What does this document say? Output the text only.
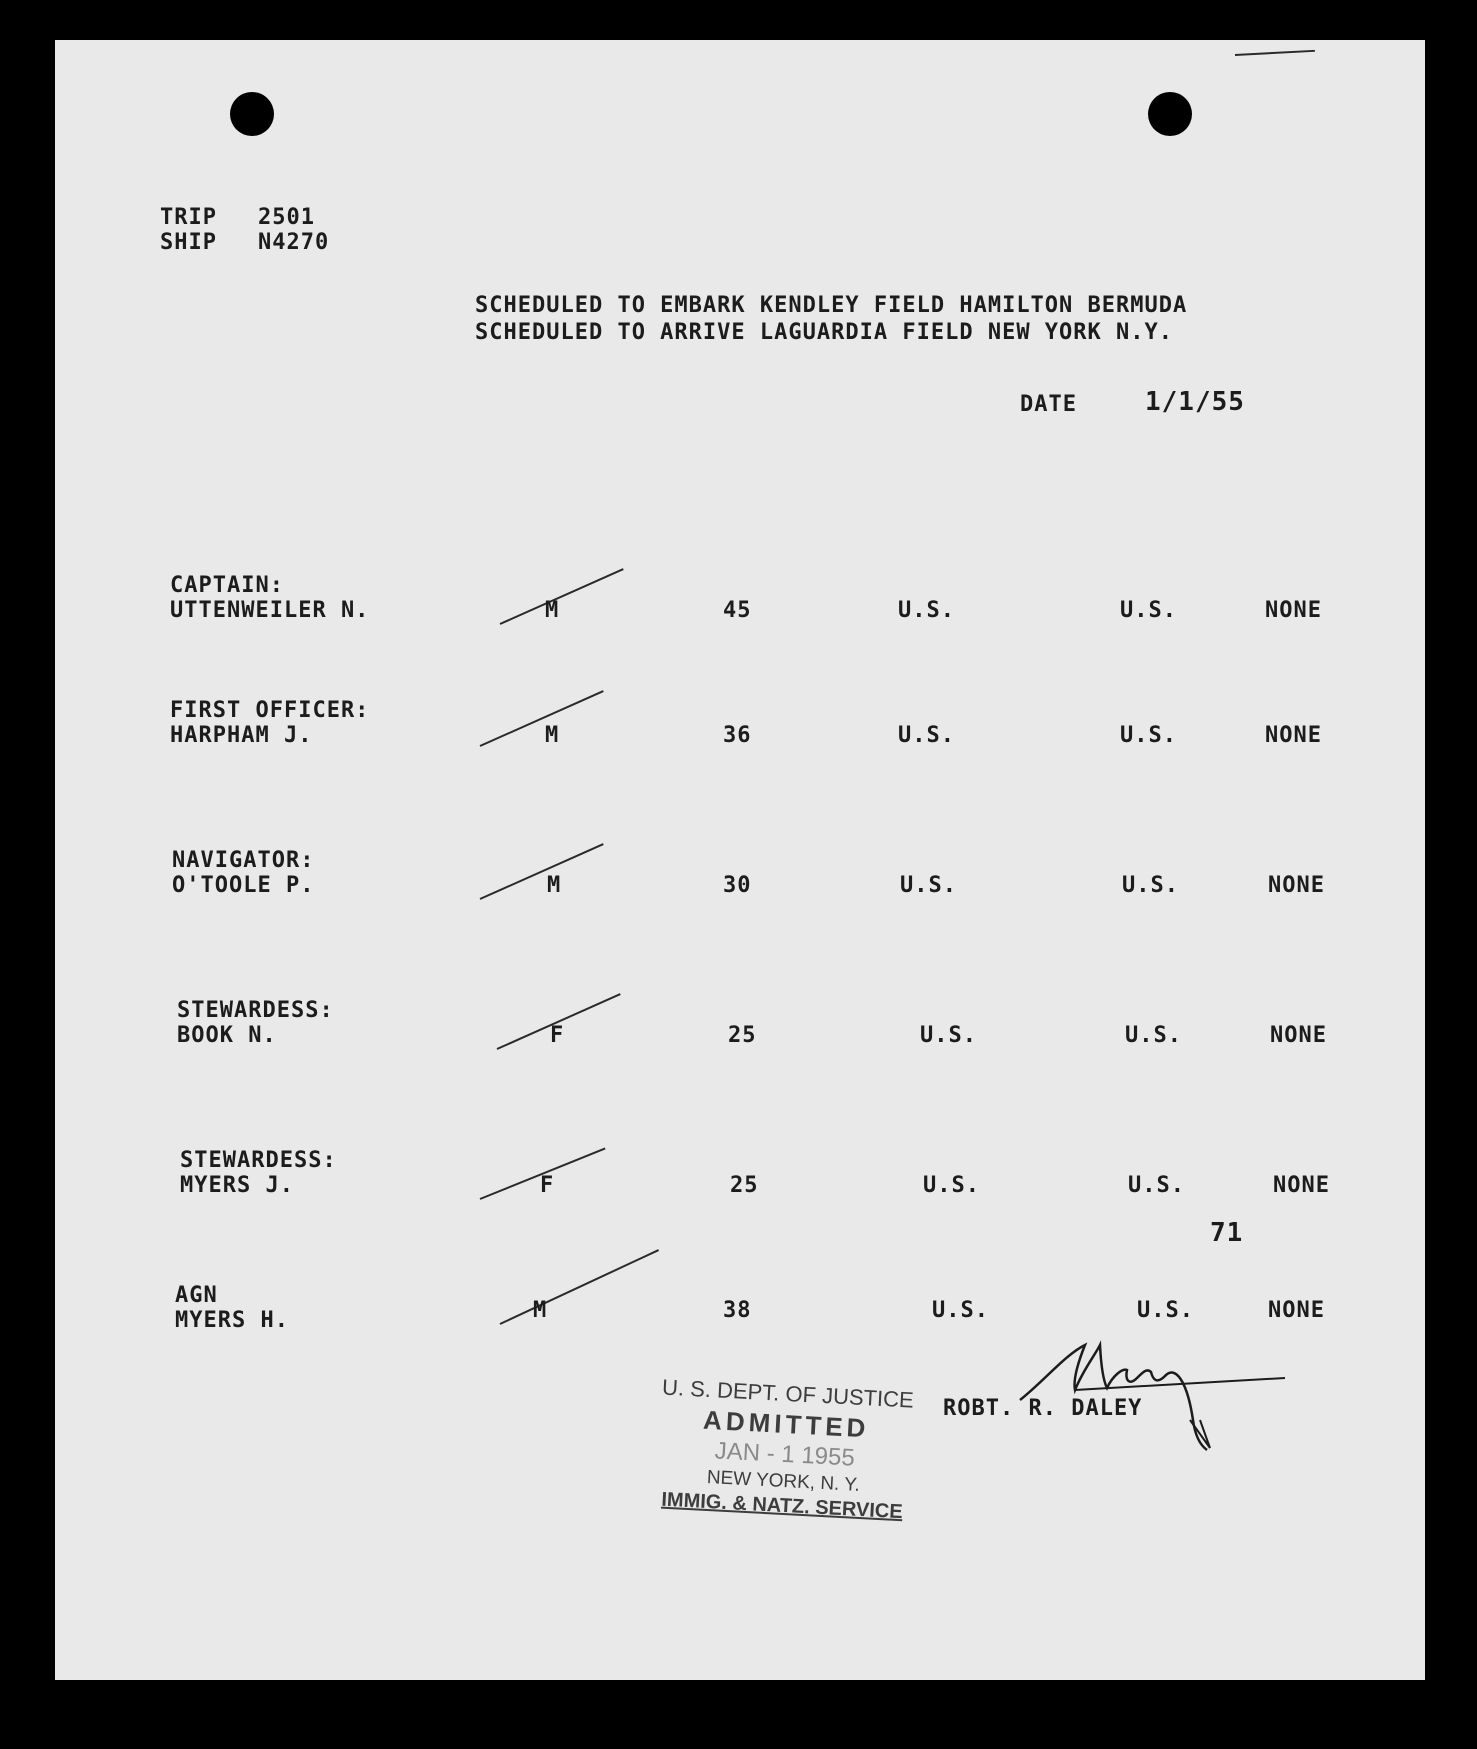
TRIP 2501
SHIP N4270
SCHEDULED TO EMBARK KENDLEY FIELD HAMILTON BERMUDA
SCHEDULED TO ARRIVE LAGUARDIA FIELD NEW YORK N.Y.
DATE	1/1/55
CAPTAIN:
UTTENWEILER N.	M	45	U.S.	U.S.	NONE
FIRST OFFICER:
HARPHAM J.	M	36	U.S.	U.S.	NONE
NAVIGATOR:
O'TOOLE P.	M	30	U.S.	U.S.	NONE
STEWARDESS:
BOOK N.	F	25	U.S.	U.S.	NONE
STEWARDESS:
MYERS J.	F	25	U.S.	U.S.	NONE
71
AGN
MYERS H.	M	38	U.S.	U.S.	NONE
ROBT. R. DALEY
U. S. DEPT. OF JUSTICE
ADMITTED
JAN - 1 1955
NEW YORK, N. Y.
IMMIG. & NATZ. SERVICE
